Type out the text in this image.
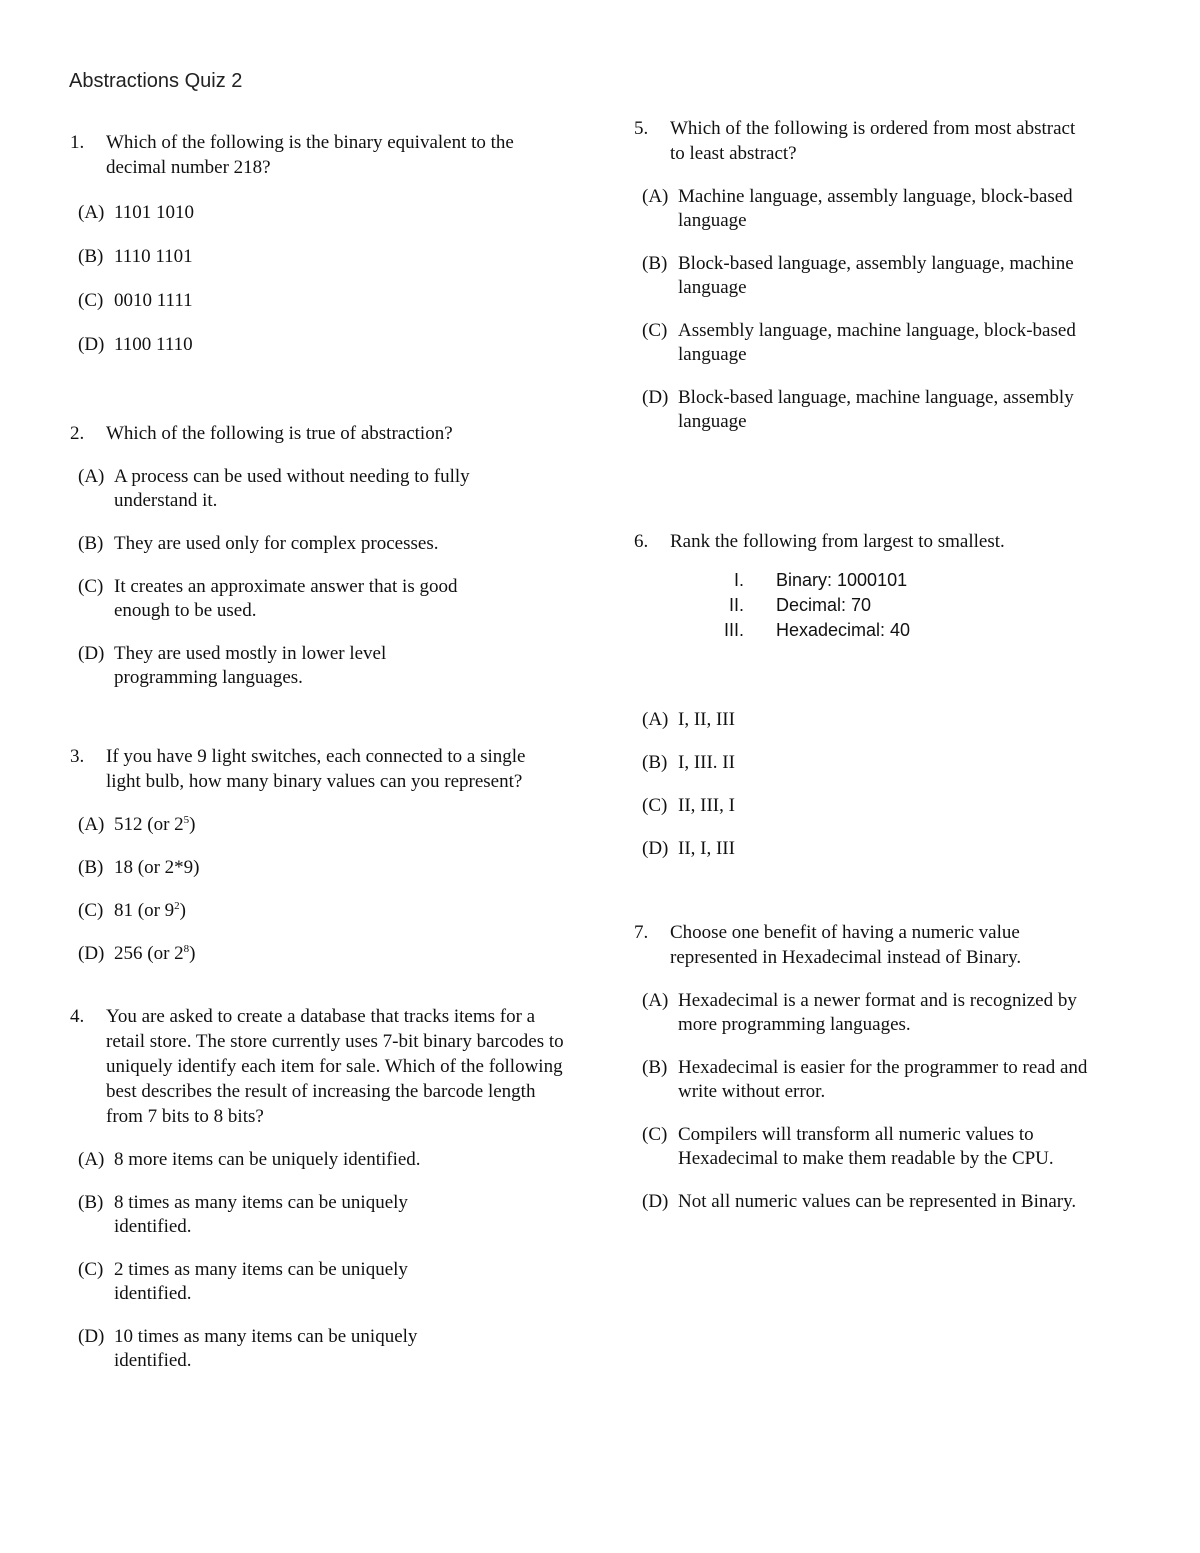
Abstractions Quiz 2
1. Which of the following is the binary equivalent to the decimal number 218?
(A) 1101 1010
(B) 1110 1101
(C) 0010 1111
(D) 1100 1110
2. Which of the following is true of abstraction?
(A) A process can be used without needing to fully understand it.
(B) They are used only for complex processes.
(C) It creates an approximate answer that is good enough to be used.
(D) They are used mostly in lower level programming languages.
3. If you have 9 light switches, each connected to a single light bulb, how many binary values can you represent?
(A) 512 (or $2^5$)
(B) 18 (or 2*9)
(C) 81 (or $9^2$)
(D) 256 (or $2^8$)
4. You are asked to create a database that tracks items for a retail store. The store currently uses 7-bit binary barcodes to uniquely identify each item for sale. Which of the following best describes the result of increasing the barcode length from 7 bits to 8 bits?
(A) 8 more items can be uniquely identified.
(B) 8 times as many items can be uniquely identified.
(C) 2 times as many items can be uniquely identified.
(D) 10 times as many items can be uniquely identified.
5. Which of the following is ordered from most abstract to least abstract?
(A) Machine language, assembly language, block-based language
(B) Block-based language, assembly language, machine language
(C) Assembly language, machine language, block-based language
(D) Block-based language, machine language, assembly language
6. Rank the following from largest to smallest.
I. Binary: 1000101
II. Decimal: 70
III. Hexadecimal: 40
(A) I, II, III
(B) I, III. II
(C) II, III, I
(D) II, I, III
7. Choose one benefit of having a numeric value represented in Hexadecimal instead of Binary.
(A) Hexadecimal is a newer format and is recognized by more programming languages.
(B) Hexadecimal is easier for the programmer to read and write without error.
(C) Compilers will transform all numeric values to Hexadecimal to make them readable by the CPU.
(D) Not all numeric values can be represented in Binary.
